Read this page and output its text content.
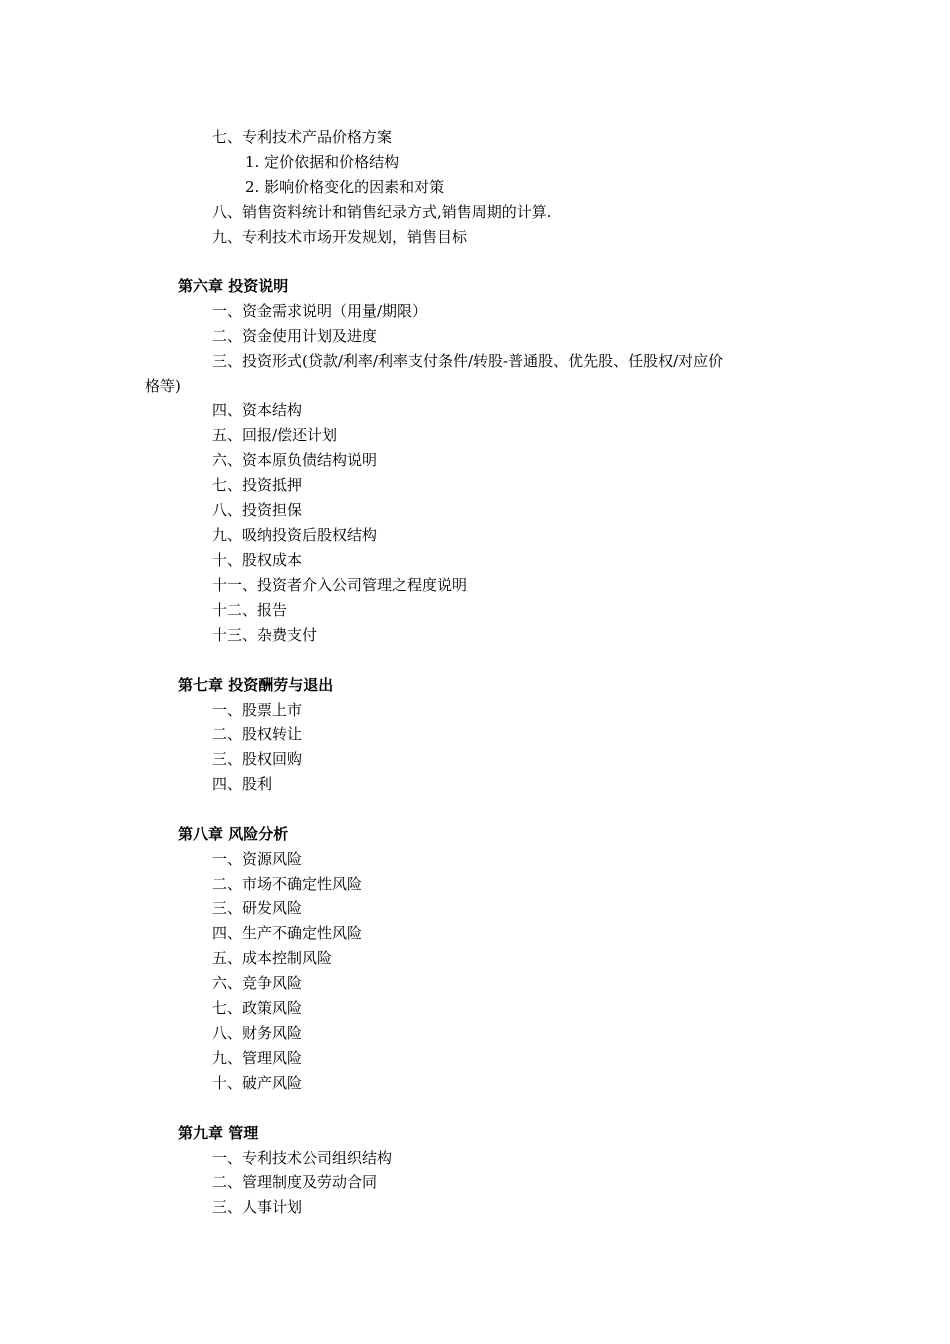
七、专利技术产品价格方案
1. 定价依据和价格结构
2. 影响价格变化的因素和对策
八、销售资料统计和销售纪录方式,销售周期的计算.
九、专利技术市场开发规划，销售目标
第六章 投资说明
一、资金需求说明（用量/期限）
二、资金使用计划及进度
三、投资形式(贷款/利率/利率支付条件/转股-普通股、优先股、任股权/对应价
格等)
四、资本结构
五、回报/偿还计划
六、资本原负债结构说明
七、投资抵押
八、投资担保
九、吸纳投资后股权结构
十、股权成本
十一、投资者介入公司管理之程度说明
十二、报告
十三、杂费支付
第七章 投资酬劳与退出
一、股票上市
二、股权转让
三、股权回购
四、股利
第八章 风险分析
一、资源风险
二、市场不确定性风险
三、研发风险
四、生产不确定性风险
五、成本控制风险
六、竞争风险
七、政策风险
八、财务风险
九、管理风险
十、破产风险
第九章 管理
一、专利技术公司组织结构
二、管理制度及劳动合同
三、人事计划
